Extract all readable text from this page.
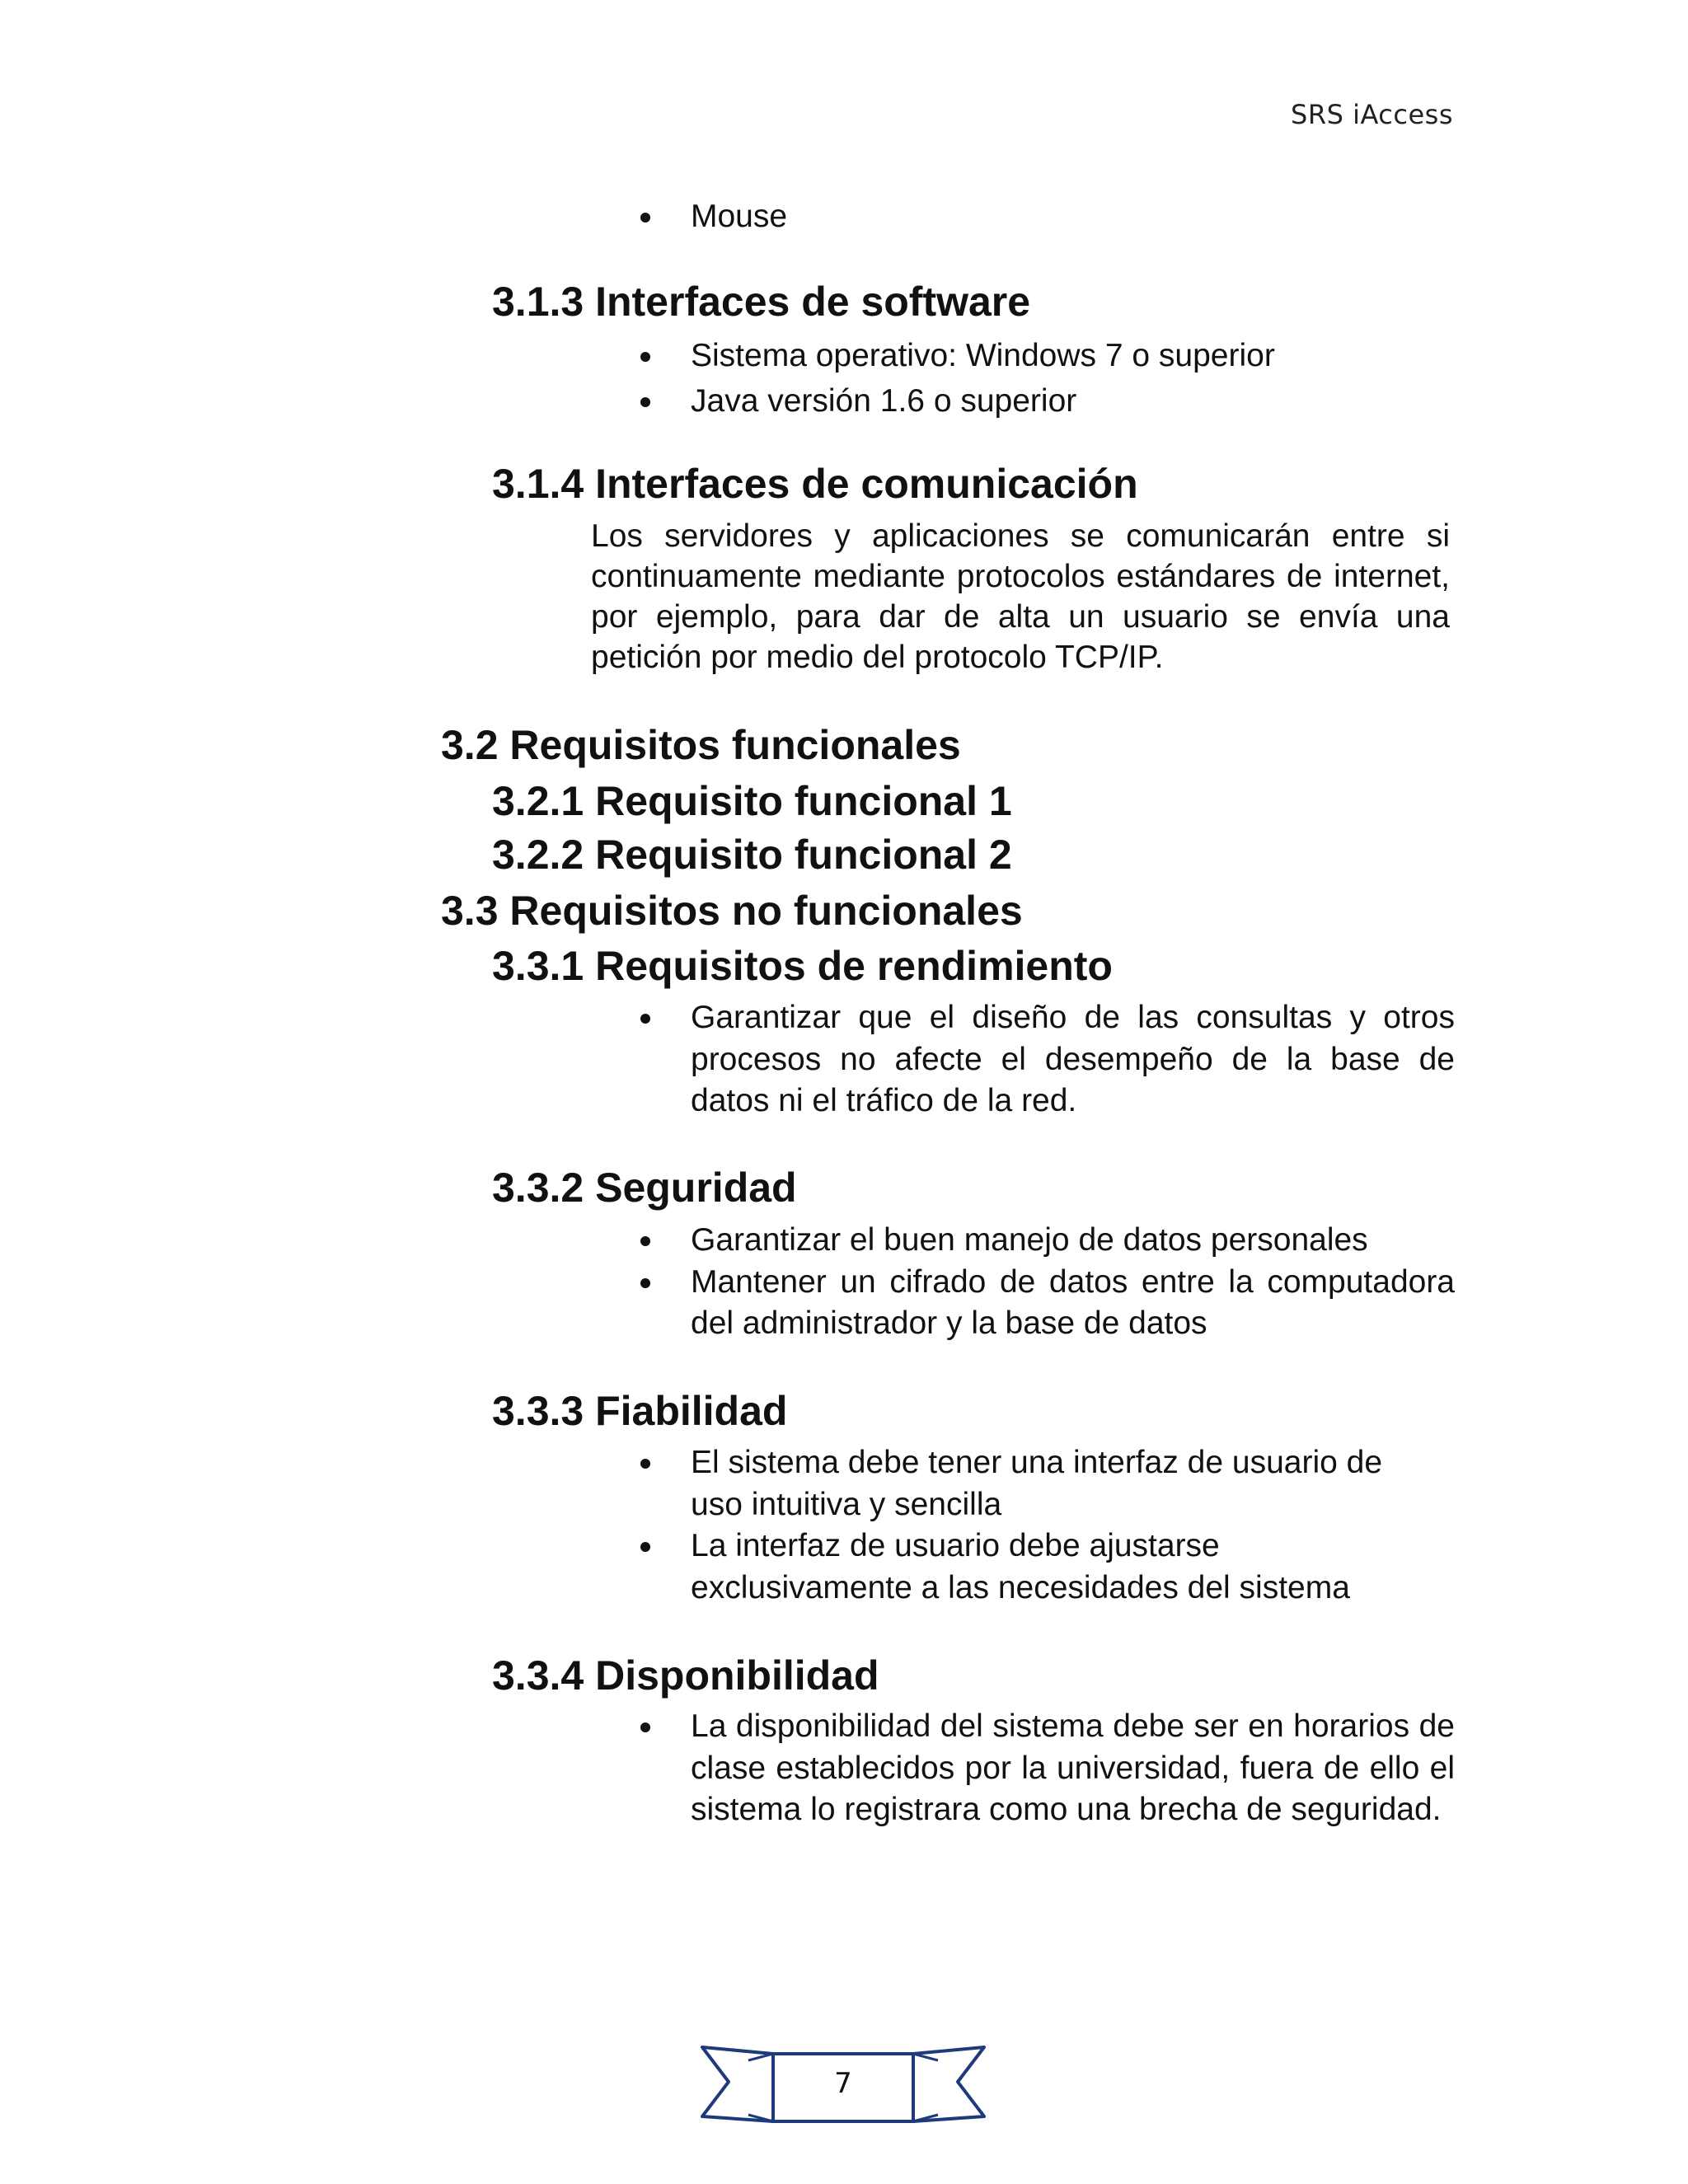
SRS iAccess
Mouse
3.1.3 Interfaces de software
Sistema operativo: Windows 7 o superior
Java versión 1.6 o superior
3.1.4 Interfaces de comunicación

Los servidores y aplicaciones se comunicarán entre si continuamente mediante protocolos estándares de internet, por ejemplo, para dar de alta un usuario se envía una petición por medio del protocolo TCP/IP.

3.2 Requisitos funcionales
3.2.1 Requisito funcional 1
3.2.2 Requisito funcional 2
3.3 Requisitos no funcionales
3.3.1 Requisitos de rendimiento
Garantizar que el diseño de las consultas y otros procesos no afecte el desempeño de la base de datos ni el tráfico de la red.
3.3.2 Seguridad
Garantizar el buen manejo de datos personales
Mantener un cifrado de datos entre la computadora del administrador y la base de datos
3.3.3 Fiabilidad
El sistema debe tener una interfaz de usuario de uso intuitiva y sencilla
La interfaz de usuario debe ajustarse exclusivamente a las necesidades del sistema
3.3.4 Disponibilidad
La disponibilidad del sistema debe ser en horarios de clase establecidos por la universidad, fuera de ello el sistema lo registrara como una brecha de seguridad.
7
